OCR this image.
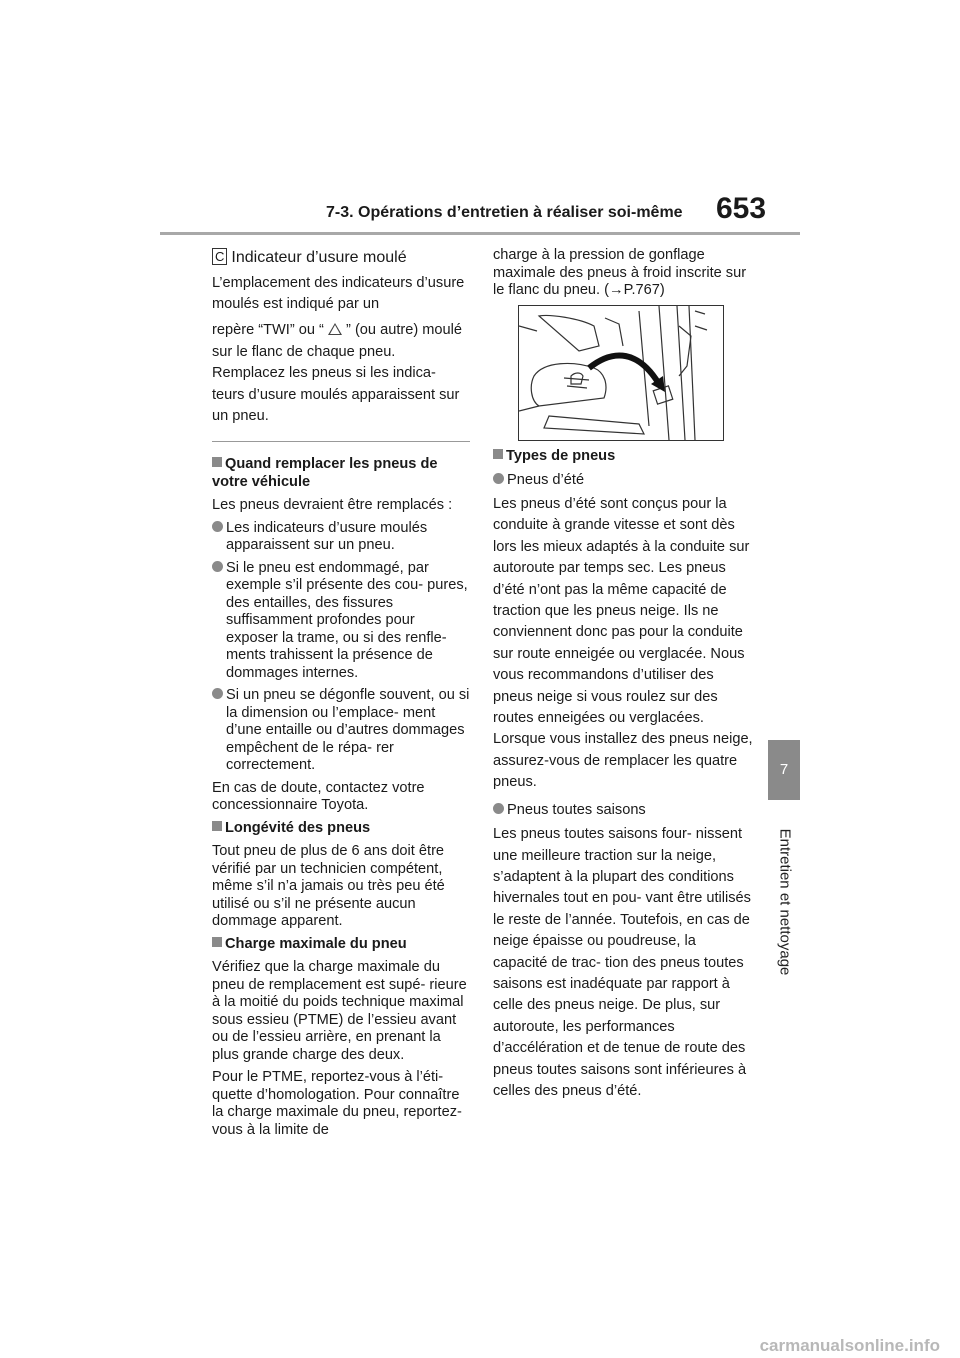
7-3. Opérations d’entretien à réaliser soi-même 653
7
Entretien et nettoyage

C Indicateur d’usure moulé

L’emplacement des indicateurs d’usure moulés est indiqué par un

repère “TWI” ou “ ” (ou autre) moulé sur le flanc de chaque pneu. Remplacez les pneus si les indica- teurs d’usure moulés apparaissent sur un pneu.

Quand remplacer les pneus de votre véhicule

Les pneus devraient être remplacés :

Les indicateurs d’usure moulés apparaissent sur un pneu.

Si le pneu est endommagé, par exemple s’il présente des cou- pures, des entailles, des fissures suffisamment profondes pour exposer la trame, ou si des renfle- ments trahissent la présence de dommages internes.

Si un pneu se dégonfle souvent, ou si la dimension ou l’emplace- ment d’une entaille ou d’autres dommages empêchent de le répa- rer correctement.

En cas de doute, contactez votre concessionnaire Toyota.

Longévité des pneus

Tout pneu de plus de 6 ans doit être vérifié par un technicien compétent, même s’il n’a jamais ou très peu été utilisé ou s’il ne présente aucun dommage apparent.

Charge maximale du pneu

Vérifiez que la charge maximale du pneu de remplacement est supé- rieure à la moitié du poids technique maximal sous essieu (PTME) de l’essieu avant ou de l’essieu arrière, en prenant la plus grande charge des deux.

Pour le PTME, reportez-vous à l’éti- quette d’homologation. Pour connaître la charge maximale du pneu, reportez-vous à la limite de

charge à la pression de gonflage maximale des pneus à froid inscrite sur le flanc du pneu. (→P.767)

Types de pneus

Pneus d’été

Les pneus d’été sont conçus pour la conduite à grande vitesse et sont dès lors les mieux adaptés à la conduite sur autoroute par temps sec. Les pneus d’été n’ont pas la même capacité de traction que les pneus neige. Ils ne conviennent donc pas pour la conduite sur route enneigée ou verglacée. Nous vous recommandons d’utiliser des pneus neige si vous roulez sur des routes enneigées ou verglacées. Lorsque vous installez des pneus neige, assurez-vous de remplacer les quatre pneus.

Pneus toutes saisons

Les pneus toutes saisons four- nissent une meilleure traction sur la neige, s’adaptent à la plupart des conditions hivernales tout en pou- vant être utilisés le reste de l’année. Toutefois, en cas de neige épaisse ou poudreuse, la capacité de trac- tion des pneus toutes saisons est inadéquate par rapport à celle des pneus neige. De plus, sur autoroute, les performances d’accélération et de tenue de route des pneus toutes saisons sont inférieures à celles des pneus d’été.

carmanualsonline.info
